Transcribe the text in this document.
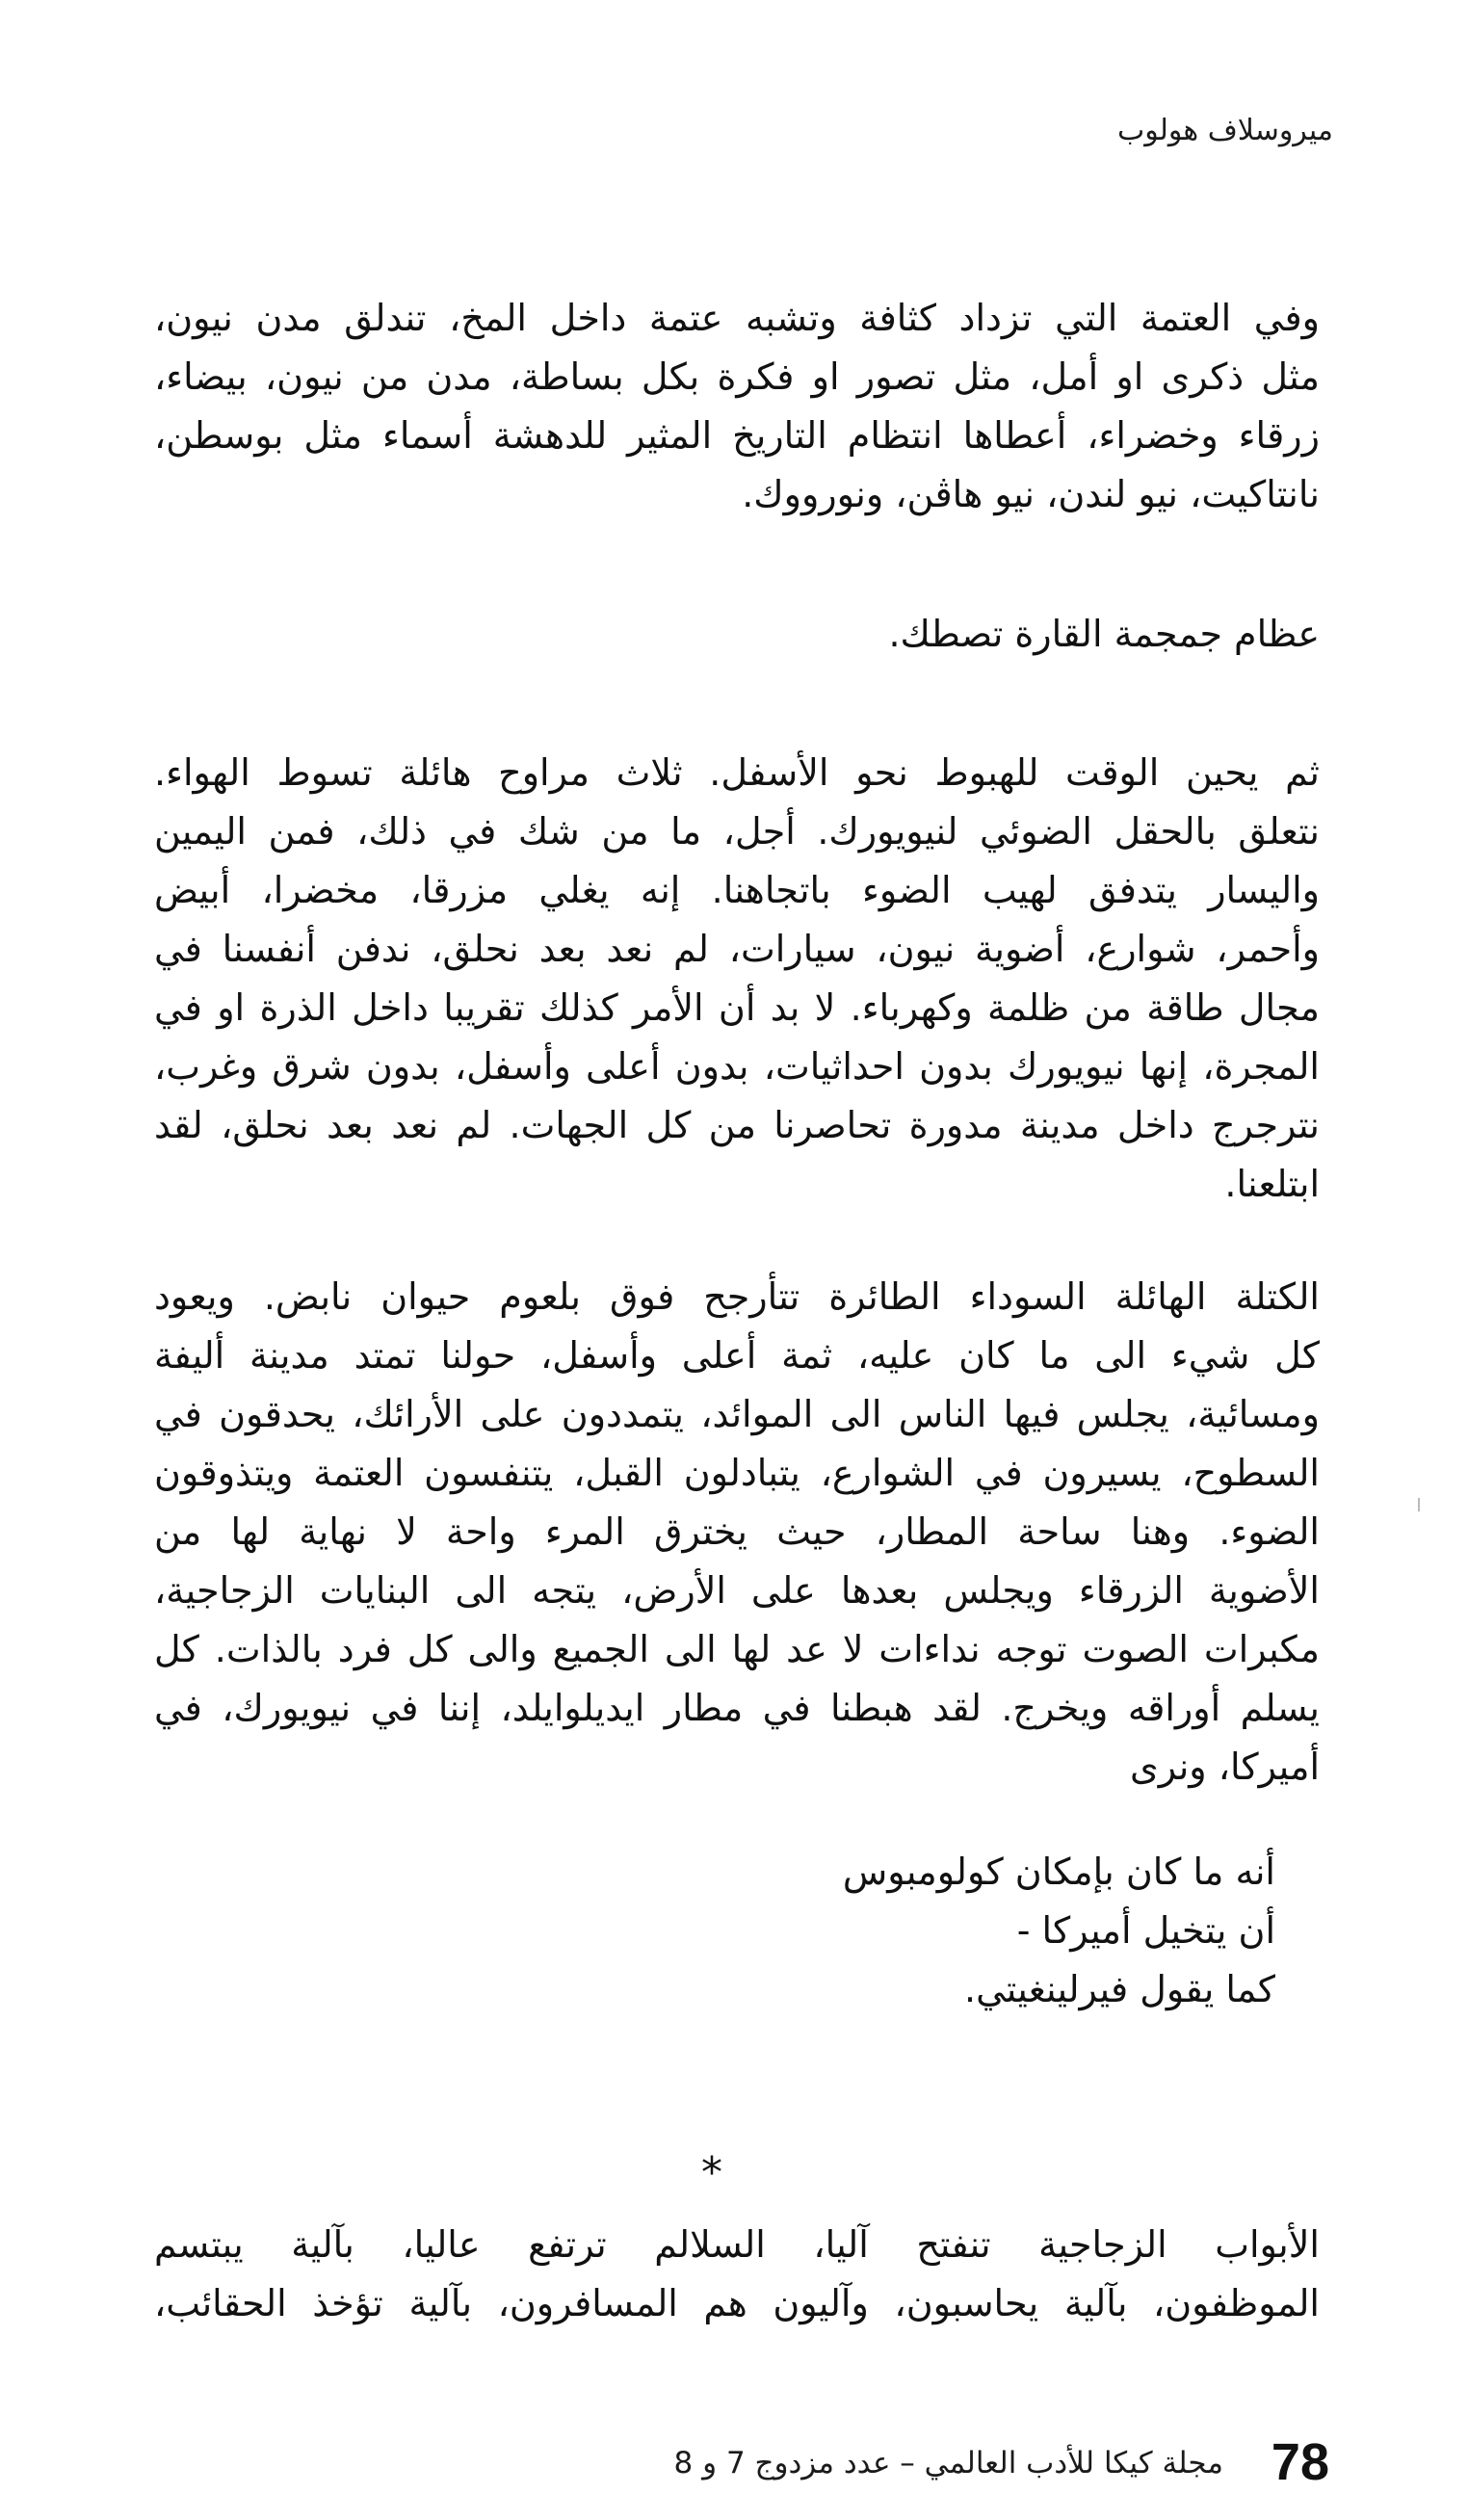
ميروسلاف هولوب
وفي العتمة التي تزداد كثافة وتشبه عتمة داخل المخ، تندلق مدن نيون،
مثل ذكرى او أمل، مثل تصور او فكرة بكل بساطة، مدن من نيون، بيضاء،
زرقاء وخضراء، أعطاها انتظام التاريخ المثير للدهشة أسماء مثل بوسطن،
نانتاكيت، نيو لندن، نيو هاڤن، ونورووك.
عظام جمجمة القارة تصطك.
ثم يحين الوقت للهبوط نحو الأسفل. ثلاث مراوح هائلة تسوط الهواء.
نتعلق بالحقل الضوئي لنيويورك. أجل، ما من شك في ذلك، فمن اليمين
واليسار يتدفق لهيب الضوء باتجاهنا. إنه يغلي مزرقا، مخضرا، أبيض
وأحمر، شوارع، أضوية نيون، سيارات، لم نعد بعد نحلق، ندفن أنفسنا في
مجال طاقة من ظلمة وكهرباء. لا بد أن الأمر كذلك تقريبا داخل الذرة او في
المجرة، إنها نيويورك بدون احداثيات، بدون أعلى وأسفل، بدون شرق وغرب،
نترجرج داخل مدينة مدورة تحاصرنا من كل الجهات. لم نعد بعد نحلق، لقد
ابتلعنا.
الكتلة الهائلة السوداء الطائرة تتأرجح فوق بلعوم حيوان نابض. ويعود
كل شيء الى ما كان عليه، ثمة أعلى وأسفل، حولنا تمتد مدينة أليفة
ومسائية، يجلس فيها الناس الى الموائد، يتمددون على الأرائك، يحدقون في
السطوح، يسيرون في الشوارع، يتبادلون القبل، يتنفسون العتمة ويتذوقون
الضوء. وهنا ساحة المطار، حيث يخترق المرء واحة لا نهاية لها من
الأضوية الزرقاء ويجلس بعدها على الأرض، يتجه الى البنايات الزجاجية،
مكبرات الصوت توجه نداءات لا عد لها الى الجميع والى كل فرد بالذات. كل
يسلم أوراقه ويخرج. لقد هبطنا في مطار ايديلوايلد، إننا في نيويورك، في
أميركا، ونرى
أنه ما كان بإمكان كولومبوس
أن يتخيل أميركا -
كما يقول فيرلينغيتي.
*
الأبواب الزجاجية تنفتح آليا، السلالم ترتفع عاليا، بآلية يبتسم
الموظفون، بآلية يحاسبون، وآليون هم المسافرون، بآلية تؤخذ الحقائب،
مجلة كيكا للأدب العالمي – عدد مزدوج 7 و 8 78
